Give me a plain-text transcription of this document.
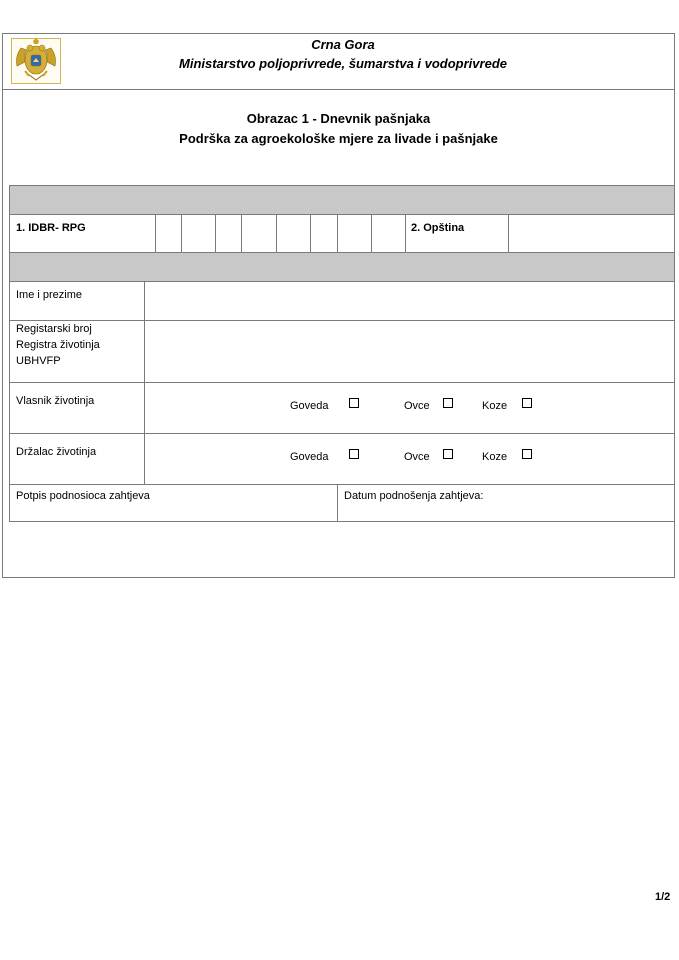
Crna Gora
Ministarstvo poljoprivrede, šumarstva i vodoprivrede
Obrazac 1 - Dnevnik pašnjaka
Podrška za agroekološke mjere za livade i pašnjake
1. IDBR- RPG	2. Opština
Ime i prezime
Registarski broj
Registra životinja
UBHVFP
Vlasnik životinja	Goveda	Ovce	Koze
Držalac životinja	Goveda	Ovce	Koze
Potpis podnosioca zahtjeva	Datum podnošenja zahtjeva:
1/2
